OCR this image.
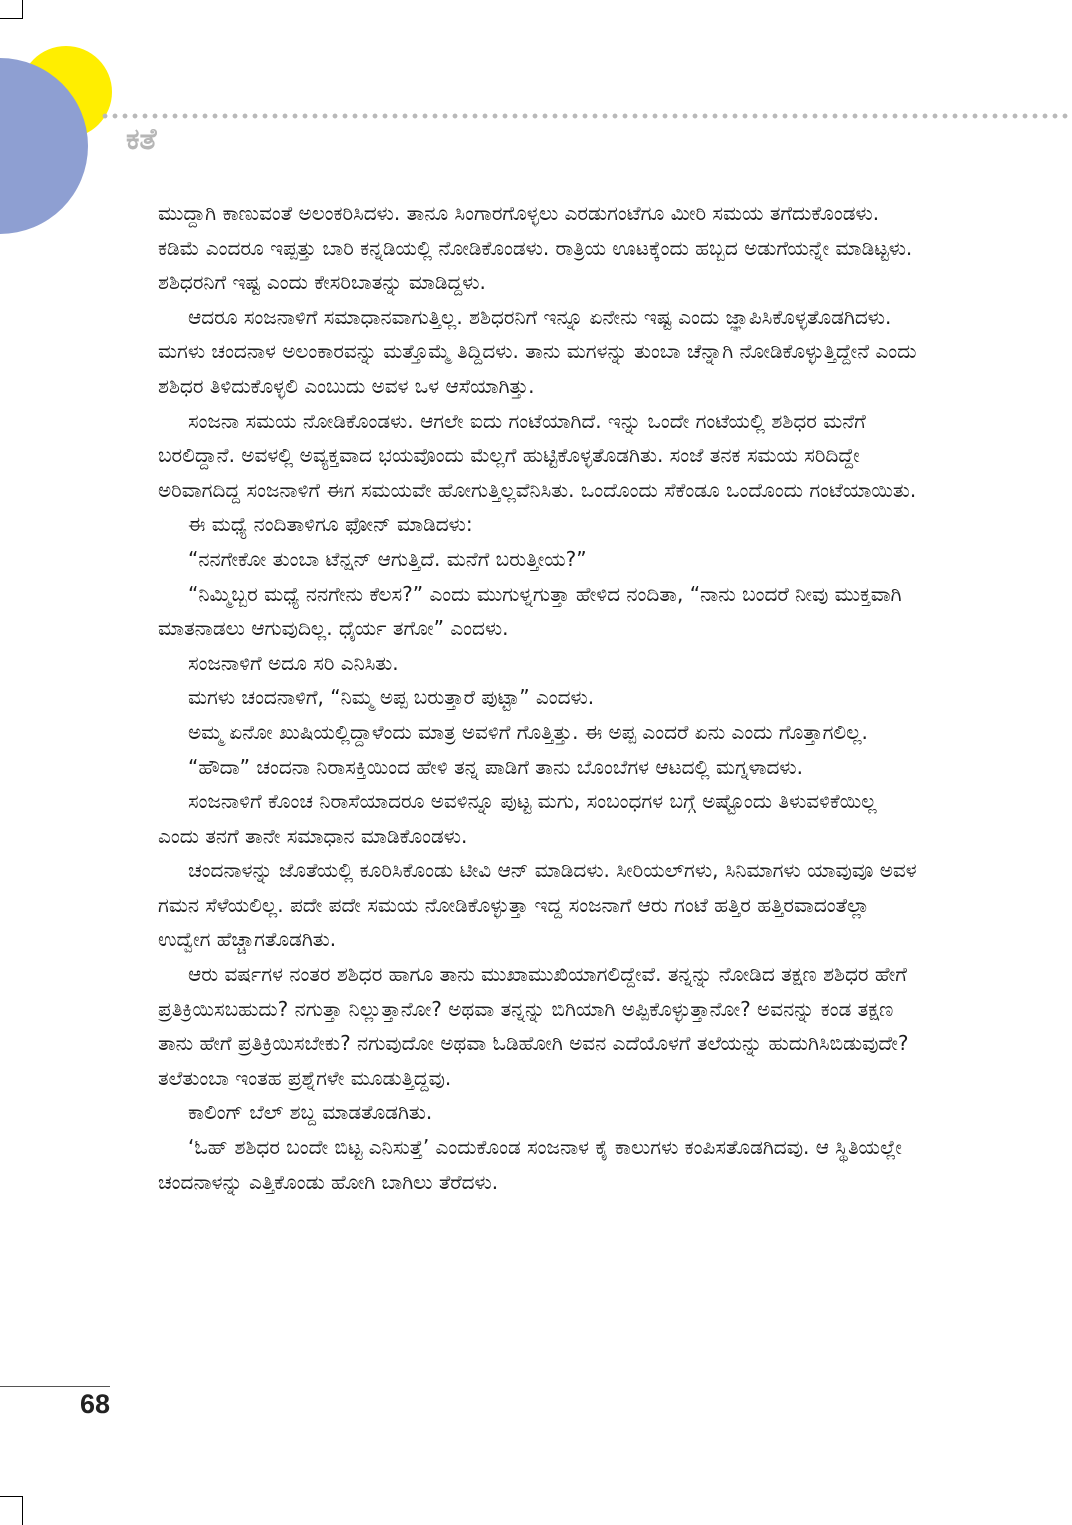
ಕತೆ

ಮುದ್ದಾಗಿ ಕಾಣುವಂತೆ ಅಲಂಕರಿಸಿದಳು. ತಾನೂ ಸಿಂಗಾರಗೊಳ್ಳಲು ಎರಡುಗಂಟೆಗೂ ಮೀರಿ ಸಮಯ ತಗೆದುಕೊಂಡಳು. ಕಡಿಮೆ ಎಂದರೂ ಇಪ್ಪತ್ತು ಬಾರಿ ಕನ್ನಡಿಯಲ್ಲಿ ನೋಡಿಕೊಂಡಳು. ರಾತ್ರಿಯ ಊಟಕ್ಕೆಂದು ಹಬ್ಬದ ಅಡುಗೆಯನ್ನೇ ಮಾಡಿಟ್ಟಳು. ಶಶಿಧರನಿಗೆ ಇಷ್ಟ ಎಂದು ಕೇಸರಿಬಾತನ್ನು ಮಾಡಿದ್ದಳು.

ಆದರೂ ಸಂಜನಾಳಿಗೆ ಸಮಾಧಾನವಾಗುತ್ತಿಲ್ಲ. ಶಶಿಧರನಿಗೆ ಇನ್ನೂ ಏನೇನು ಇಷ್ಟ ಎಂದು ಜ್ಞಾಪಿಸಿಕೊಳ್ಳತೊಡಗಿದಳು. ಮಗಳು ಚಂದನಾಳ ಅಲಂಕಾರವನ್ನು ಮತ್ತೊಮ್ಮೆ ತಿದ್ದಿದಳು. ತಾನು ಮಗಳನ್ನು ತುಂಬಾ ಚೆನ್ನಾಗಿ ನೋಡಿಕೊಳ್ಳುತ್ತಿದ್ದೇನೆ ಎಂದು ಶಶಿಧರ ತಿಳಿದುಕೊಳ್ಳಲಿ ಎಂಬುದು ಅವಳ ಒಳ ಆಸೆಯಾಗಿತ್ತು.

ಸಂಜನಾ ಸಮಯ ನೋಡಿಕೊಂಡಳು. ಆಗಲೇ ಐದು ಗಂಟೆಯಾಗಿದೆ. ಇನ್ನು ಒಂದೇ ಗಂಟೆಯಲ್ಲಿ ಶಶಿಧರ ಮನೆಗೆ ಬರಲಿದ್ದಾನೆ. ಅವಳಲ್ಲಿ ಅವ್ಯಕ್ತವಾದ ಭಯವೊಂದು ಮೆಲ್ಲಗೆ ಹುಟ್ಟಿಕೊಳ್ಳತೊಡಗಿತು. ಸಂಜೆ ತನಕ ಸಮಯ ಸರಿದಿದ್ದೇ ಅರಿವಾಗದಿದ್ದ ಸಂಜನಾಳಿಗೆ ಈಗ ಸಮಯವೇ ಹೋಗುತ್ತಿಲ್ಲವೆನಿಸಿತು. ಒಂದೊಂದು ಸೆಕೆಂಡೂ ಒಂದೊಂದು ಗಂಟೆಯಾಯಿತು.

ಈ ಮಧ್ಯೆ ನಂದಿತಾಳಿಗೂ ಫೋನ್ ಮಾಡಿದಳು:

“ನನಗೇಕೋ ತುಂಬಾ ಟೆನ್ಷನ್ ಆಗುತ್ತಿದೆ. ಮನೆಗೆ ಬರುತ್ತೀಯ?”

“ನಿಮ್ಮಿಬ್ಬರ ಮಧ್ಯೆ ನನಗೇನು ಕೆಲಸ?” ಎಂದು ಮುಗುಳ್ನಗುತ್ತಾ ಹೇಳಿದ ನಂದಿತಾ, “ನಾನು ಬಂದರೆ ನೀವು ಮುಕ್ತವಾಗಿ ಮಾತನಾಡಲು ಆಗುವುದಿಲ್ಲ. ಧೈರ್ಯ ತಗೋ” ಎಂದಳು.

ಸಂಜನಾಳಿಗೆ ಅದೂ ಸರಿ ಎನಿಸಿತು.

ಮಗಳು ಚಂದನಾಳಿಗೆ, “ನಿಮ್ಮ ಅಪ್ಪ ಬರುತ್ತಾರೆ ಪುಟ್ಟಾ” ಎಂದಳು.

ಅಮ್ಮ ಏನೋ ಖುಷಿಯಲ್ಲಿದ್ದಾಳೆಂದು ಮಾತ್ರ ಅವಳಿಗೆ ಗೊತ್ತಿತ್ತು. ಈ ಅಪ್ಪ ಎಂದರೆ ಏನು ಎಂದು ಗೊತ್ತಾಗಲಿಲ್ಲ.

“ಹೌದಾ” ಚಂದನಾ ನಿರಾಸಕ್ತಿಯಿಂದ ಹೇಳಿ ತನ್ನ ಪಾಡಿಗೆ ತಾನು ಬೊಂಬೆಗಳ ಆಟದಲ್ಲಿ ಮಗ್ನಳಾದಳು.

ಸಂಜನಾಳಿಗೆ ಕೊಂಚ ನಿರಾಸೆಯಾದರೂ ಅವಳಿನ್ನೂ ಪುಟ್ಟ ಮಗು, ಸಂಬಂಧಗಳ ಬಗ್ಗೆ ಅಷ್ಟೊಂದು ತಿಳುವಳಿಕೆಯಿಲ್ಲ ಎಂದು ತನಗೆ ತಾನೇ ಸಮಾಧಾನ ಮಾಡಿಕೊಂಡಳು.

ಚಂದನಾಳನ್ನು ಜೊತೆಯಲ್ಲಿ ಕೂರಿಸಿಕೊಂಡು ಟೀವಿ ಆನ್ ಮಾಡಿದಳು. ಸೀರಿಯಲ್‌ಗಳು, ಸಿನಿಮಾಗಳು ಯಾವುವೂ ಅವಳ ಗಮನ ಸೆಳೆಯಲಿಲ್ಲ. ಪದೇ ಪದೇ ಸಮಯ ನೋಡಿಕೊಳ್ಳುತ್ತಾ ಇದ್ದ ಸಂಜನಾಗೆ ಆರು ಗಂಟೆ ಹತ್ತಿರ ಹತ್ತಿರವಾದಂತೆಲ್ಲಾ ಉದ್ವೇಗ ಹೆಚ್ಚಾಗತೊಡಗಿತು.

ಆರು ವರ್ಷಗಳ ನಂತರ ಶಶಿಧರ ಹಾಗೂ ತಾನು ಮುಖಾಮುಖಿಯಾಗಲಿದ್ದೇವೆ. ತನ್ನನ್ನು ನೋಡಿದ ತಕ್ಷಣ ಶಶಿಧರ ಹೇಗೆ ಪ್ರತಿಕ್ರಿಯಿಸಬಹುದು? ನಗುತ್ತಾ ನಿಲ್ಲುತ್ತಾನೋ? ಅಥವಾ ತನ್ನನ್ನು ಬಿಗಿಯಾಗಿ ಅಪ್ಪಿಕೊಳ್ಳುತ್ತಾನೋ? ಅವನನ್ನು ಕಂಡ ತಕ್ಷಣ ತಾನು ಹೇಗೆ ಪ್ರತಿಕ್ರಿಯಿಸಬೇಕು? ನಗುವುದೋ ಅಥವಾ ಓಡಿಹೋಗಿ ಅವನ ಎದೆಯೊಳಗೆ ತಲೆಯನ್ನು ಹುದುಗಿಸಿಬಿಡುವುದೇ? ತಲೆತುಂಬಾ ಇಂತಹ ಪ್ರಶ್ನೆಗಳೇ ಮೂಡುತ್ತಿದ್ದವು.

ಕಾಲಿಂಗ್ ಬೆಲ್ ಶಬ್ದ ಮಾಡತೊಡಗಿತು.

‘ಓಹ್ ಶಶಿಧರ ಬಂದೇ ಬಿಟ್ಟ ಎನಿಸುತ್ತೆ’ ಎಂದುಕೊಂಡ ಸಂಜನಾಳ ಕೈ ಕಾಲುಗಳು ಕಂಪಿಸತೊಡಗಿದವು. ಆ ಸ್ಥಿತಿಯಲ್ಲೇ ಚಂದನಾಳನ್ನು ಎತ್ತಿಕೊಂಡು ಹೋಗಿ ಬಾಗಿಲು ತೆರೆದಳು.

68
